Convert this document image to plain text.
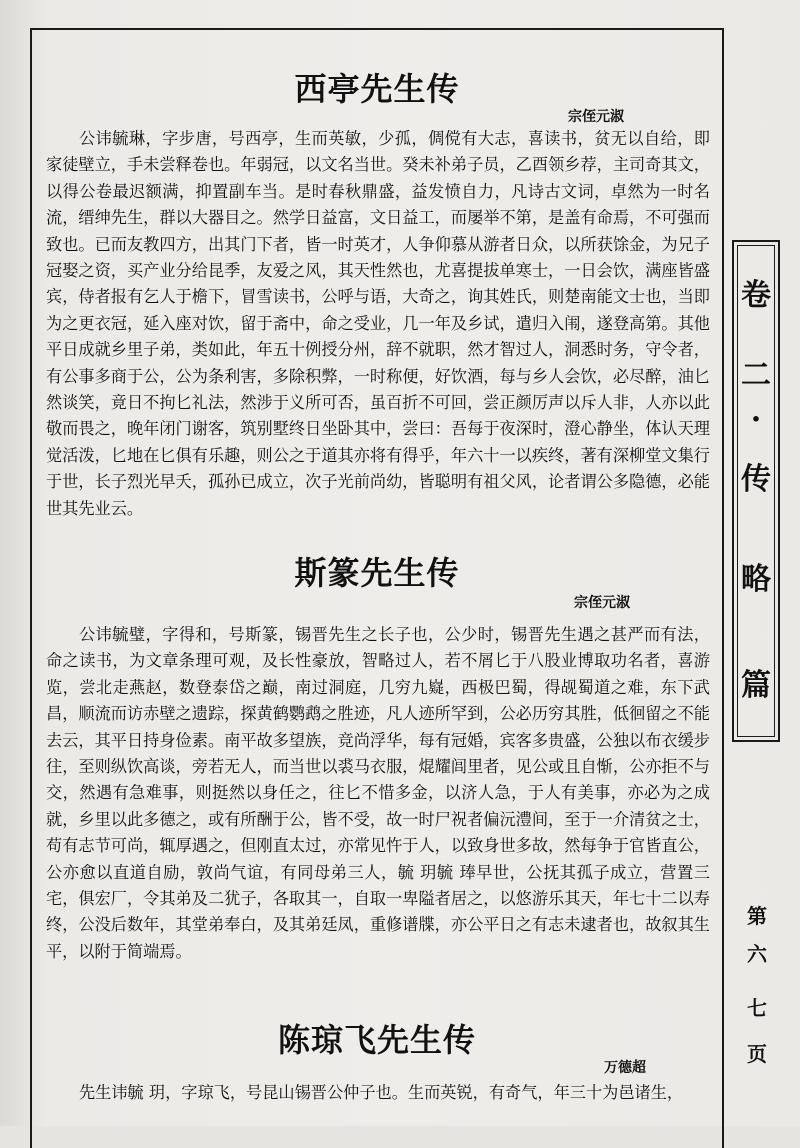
西亭先生传
宗侄元淑

公讳毓琳，字步唐，号西亭，生而英敏，少孤，倜傥有大志，喜读书，贫无以自给，即家徒壁立，手未尝释卷也。年弱冠，以文名当世。癸未补弟子员，乙酉领乡荐，主司奇其文，以得公卷最迟额满，抑置副车当。是时春秋鼎盛，益发愤自力，凡诗古文词，卓然为一时名流，缙绅先生，群以大器目之。然学日益富，文日益工，而屡举不第，是盖有命焉，不可强而致也。已而友教四方，出其门下者，皆一时英才，人争仰慕从游者日众，以所获馀金，为兄子冠娶之资，买产业分给昆季，友爱之风，其天性然也，尤喜提拔单寒士，一日会饮，满座皆盛宾，侍者报有乞人于檐下，冒雪读书，公呼与语，大奇之，询其姓氏，则楚南能文士也，当即为之更衣冠，延入座对饮，留于斋中，命之受业，几一年及乡试，遣归入闱，遂登高第。其他平日成就乡里子弟，类如此，年五十例授分州，辞不就职，然才智过人，洞悉时务，守令者，有公事多商于公，公为条利害，多除积弊，一时称便，好饮酒，每与乡人会饮，必尽醉，油匕然谈笑，竟日不拘匕礼法，然涉于义所可否，虽百折不可回，尝正颜厉声以斥人非，人亦以此敬而畏之，晚年闭门谢客，筑别墅终日坐卧其中，尝曰：吾每于夜深时，澄心静坐，体认天理觉活泼，匕地在匕俱有乐趣，则公之于道其亦将有得乎，年六十一以疾终，著有深柳堂文集行于世，长子烈光早夭，孤孙已成立，次子光前尚幼，皆聪明有祖父风，论者谓公多隐德，必能世其先业云。

斯篆先生传
宗侄元淑

公讳毓璧，字得和，号斯篆，锡晋先生之长子也，公少时，锡晋先生遇之甚严而有法，命之读书，为文章条理可观，及长性豪放，智略过人，若不屑匕于八股业博取功名者，喜游览，尝北走燕赵，数登泰岱之巅，南过洞庭，几穷九嶷，西极巴蜀，得觇蜀道之难，东下武昌，顺流而访赤壁之遗踪，探黄鹤鹦鹉之胜迹，凡人迹所罕到，公必历穷其胜，低徊留之不能去云，其平日持身俭素。南平故多望族，竞尚浮华，每有冠婚，宾客多贵盛，公独以布衣缓步往，至则纵饮高谈，旁若无人，而当世以裘马衣服，焜耀闾里者，见公或且自惭，公亦拒不与交，然遇有急难事，则挺然以身任之，往匕不惜多金，以济人急，于人有美事，亦必为之成就，乡里以此多德之，或有所酬于公，皆不受，故一时尸祝者偏沅澧间，至于一介清贫之士，苟有志节可尚，辄厚遇之，但刚直太过，亦常见忤于人，以致身世多故，然每争于官皆直公，公亦愈以直道自励，敦尚气谊，有同母弟三人，毓 玥毓 琫早世，公抚其孤子成立，营置三宅，俱宏厂，令其弟及二犹子，各取其一，自取一卑隘者居之，以悠游乐其天，年七十二以寿终，公没后数年，其堂弟奉白，及其弟廷凤，重修谱牒，亦公平日之有志未逮者也，故叙其生平，以附于简端焉。

陈琼飞先生传
万德超

先生讳毓 玥，字琼飞，号昆山锡晋公仲子也。生而英锐，有奇气，年三十为邑诸生，

卷
二
·
传
略
篇
第
六
七
页
